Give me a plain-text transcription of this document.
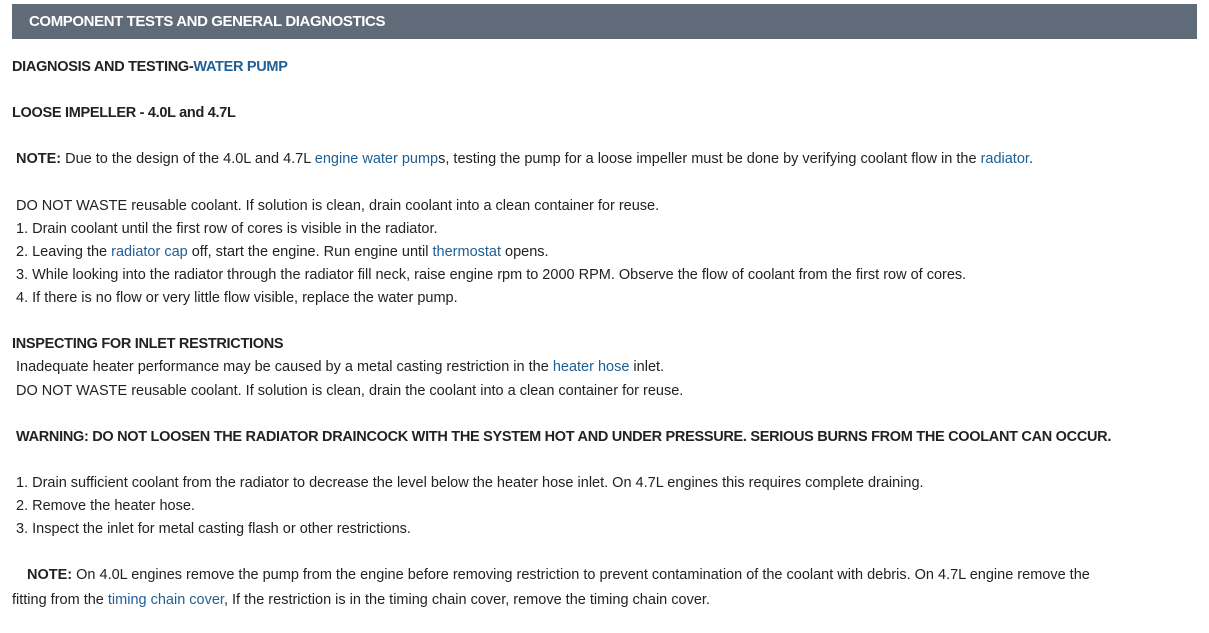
COMPONENT TESTS AND GENERAL DIAGNOSTICS
DIAGNOSIS AND TESTING-WATER PUMP
LOOSE IMPELLER - 4.0L and 4.7L
NOTE: Due to the design of the 4.0L and 4.7L engine water pumps, testing the pump for a loose impeller must be done by verifying coolant flow in the radiator.
DO NOT WASTE reusable coolant. If solution is clean, drain coolant into a clean container for reuse.
1. Drain coolant until the first row of cores is visible in the radiator.
2. Leaving the radiator cap off, start the engine. Run engine until thermostat opens.
3. While looking into the radiator through the radiator fill neck, raise engine rpm to 2000 RPM. Observe the flow of coolant from the first row of cores.
4. If there is no flow or very little flow visible, replace the water pump.
INSPECTING FOR INLET RESTRICTIONS
Inadequate heater performance may be caused by a metal casting restriction in the heater hose inlet.
DO NOT WASTE reusable coolant. If solution is clean, drain the coolant into a clean container for reuse.
WARNING: DO NOT LOOSEN THE RADIATOR DRAINCOCK WITH THE SYSTEM HOT AND UNDER PRESSURE. SERIOUS BURNS FROM THE COOLANT CAN OCCUR.
1. Drain sufficient coolant from the radiator to decrease the level below the heater hose inlet. On 4.7L engines this requires complete draining.
2. Remove the heater hose.
3. Inspect the inlet for metal casting flash or other restrictions.
NOTE: On 4.0L engines remove the pump from the engine before removing restriction to prevent contamination of the coolant with debris. On 4.7L engine remove the
fitting from the timing chain cover, If the restriction is in the timing chain cover, remove the timing chain cover.
